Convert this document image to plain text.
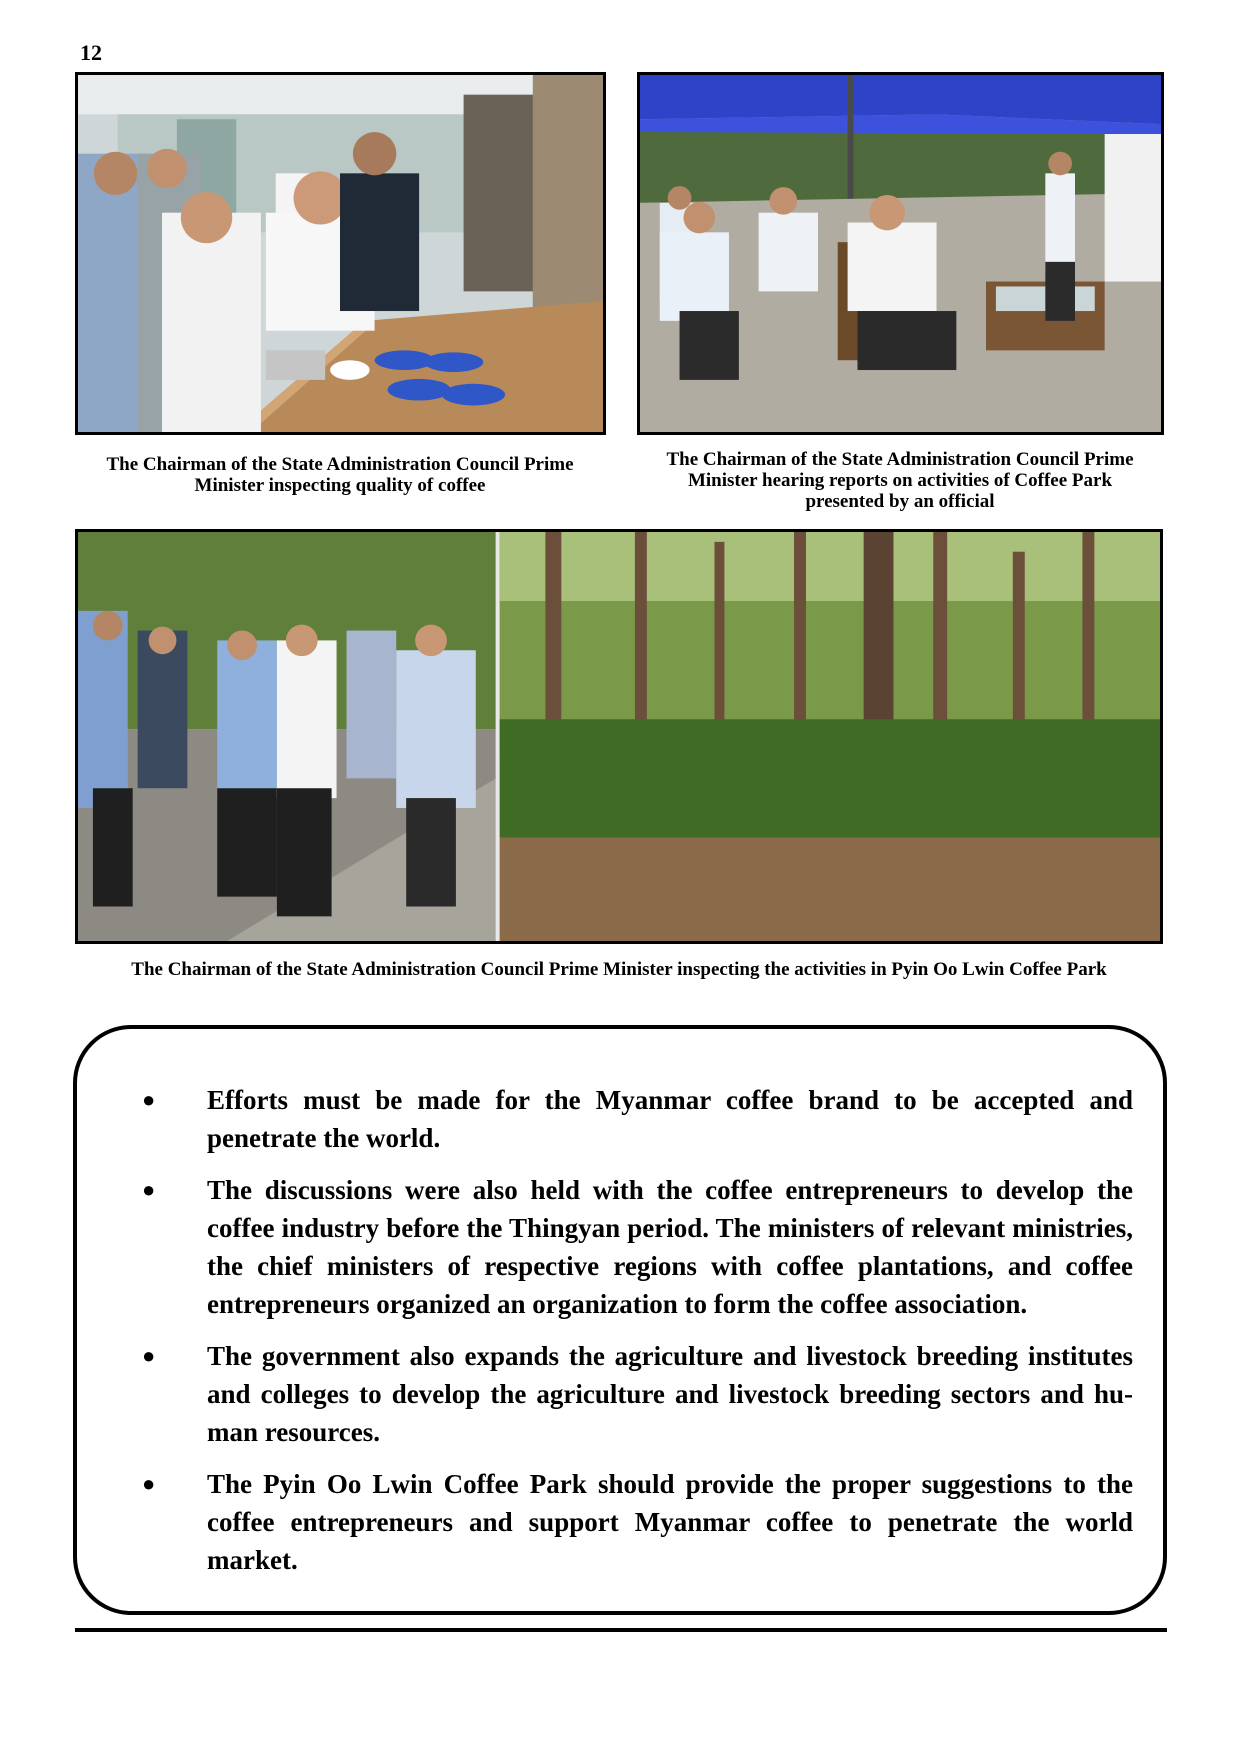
12
The Chairman of the State Administration Council Prime Minister inspecting quality of coffee
The Chairman of the State Administration Council Prime Minister hearing reports on activities of Coffee Park presented by an official
The Chairman of the State Administration Council Prime Minister inspecting the activities in Pyin Oo Lwin Coffee Park
● Efforts must be made for the Myanmar coffee brand to be accepted and penetrate the world.
● The discussions were also held with the coffee entrepreneurs to develop the coffee industry before the Thingyan period. The ministers of relevant ministries, the chief ministers of respective regions with coffee plantations, and coffee entrepreneurs organized an organization to form the coffee association.
● The government also expands the agriculture and livestock breeding institutes and colleges to develop the agriculture and livestock breeding sectors and hu-man resources.
● The Pyin Oo Lwin Coffee Park should provide the proper suggestions to the coffee entrepreneurs and support Myanmar coffee to penetrate the world market.
